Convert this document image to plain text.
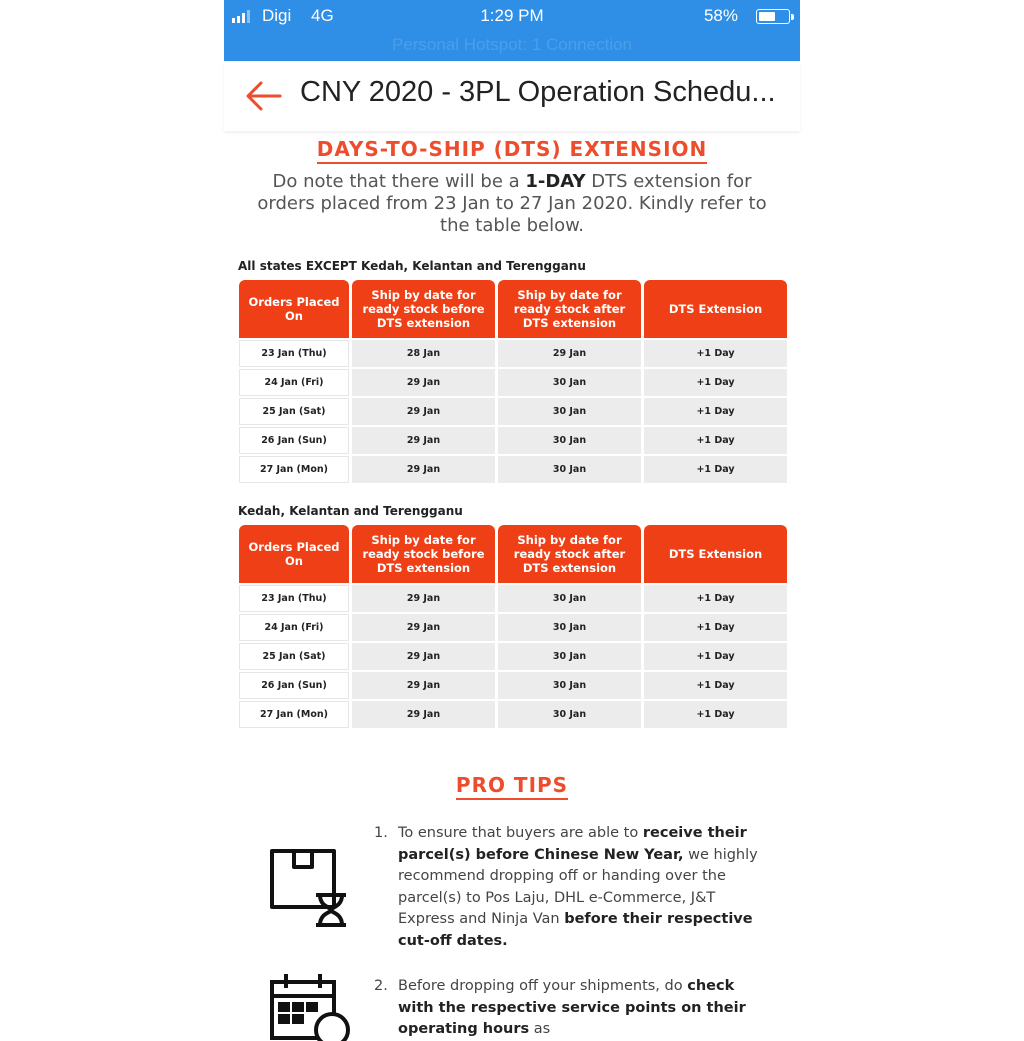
Digi 4G	1:29 PM	58%
Personal Hotspot: 1 Connection
CNY 2020 - 3PL Operation Schedu...
DAYS-TO-SHIP (DTS) EXTENSION
Do note that there will be a 1-DAY DTS extension for orders placed from 23 Jan to 27 Jan 2020. Kindly refer to the table below.
All states EXCEPT Kedah, Kelantan and Terengganu
Orders Placed On	Ship by date for ready stock before DTS extension	Ship by date for ready stock after DTS extension	DTS Extension
23 Jan (Thu)	28 Jan	29 Jan	+1 Day
24 Jan (Fri)	29 Jan	30 Jan	+1 Day
25 Jan (Sat)	29 Jan	30 Jan	+1 Day
26 Jan (Sun)	29 Jan	30 Jan	+1 Day
27 Jan (Mon)	29 Jan	30 Jan	+1 Day
Kedah, Kelantan and Terengganu
Orders Placed On	Ship by date for ready stock before DTS extension	Ship by date for ready stock after DTS extension	DTS Extension
23 Jan (Thu)	29 Jan	30 Jan	+1 Day
24 Jan (Fri)	29 Jan	30 Jan	+1 Day
25 Jan (Sat)	29 Jan	30 Jan	+1 Day
26 Jan (Sun)	29 Jan	30 Jan	+1 Day
27 Jan (Mon)	29 Jan	30 Jan	+1 Day
PRO TIPS
1. To ensure that buyers are able to receive their parcel(s) before Chinese New Year, we highly recommend dropping off or handing over the parcel(s) to Pos Laju, DHL e-Commerce, J&T Express and Ninja Van before their respective cut-off dates.
2. Before dropping off your shipments, do check with the respective service points on their operating hours as
